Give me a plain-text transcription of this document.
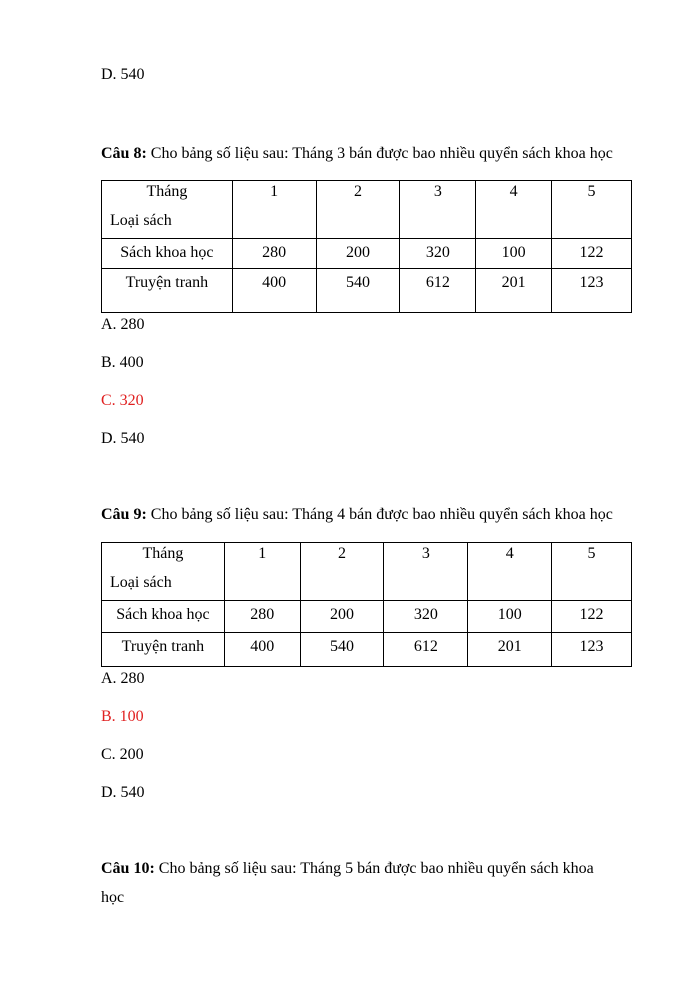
D. 540
Câu 8: Cho bảng số liệu sau: Tháng 3 bán được bao nhiều quyển sách khoa học
Tháng
Loại sách	1	2	3	4	5
Sách khoa học	280	200	320	100	122
Truyện tranh	400	540	612	201	123
A. 280
B. 400
C. 320
D. 540
Câu 9: Cho bảng số liệu sau: Tháng 4 bán được bao nhiều quyển sách khoa học
Tháng
Loại sách	1	2	3	4	5
Sách khoa học	280	200	320	100	122
Truyện tranh	400	540	612	201	123
A. 280
B. 100
C. 200
D. 540
Câu 10: Cho bảng số liệu sau: Tháng 5 bán được bao nhiều quyển sách khoa
học
